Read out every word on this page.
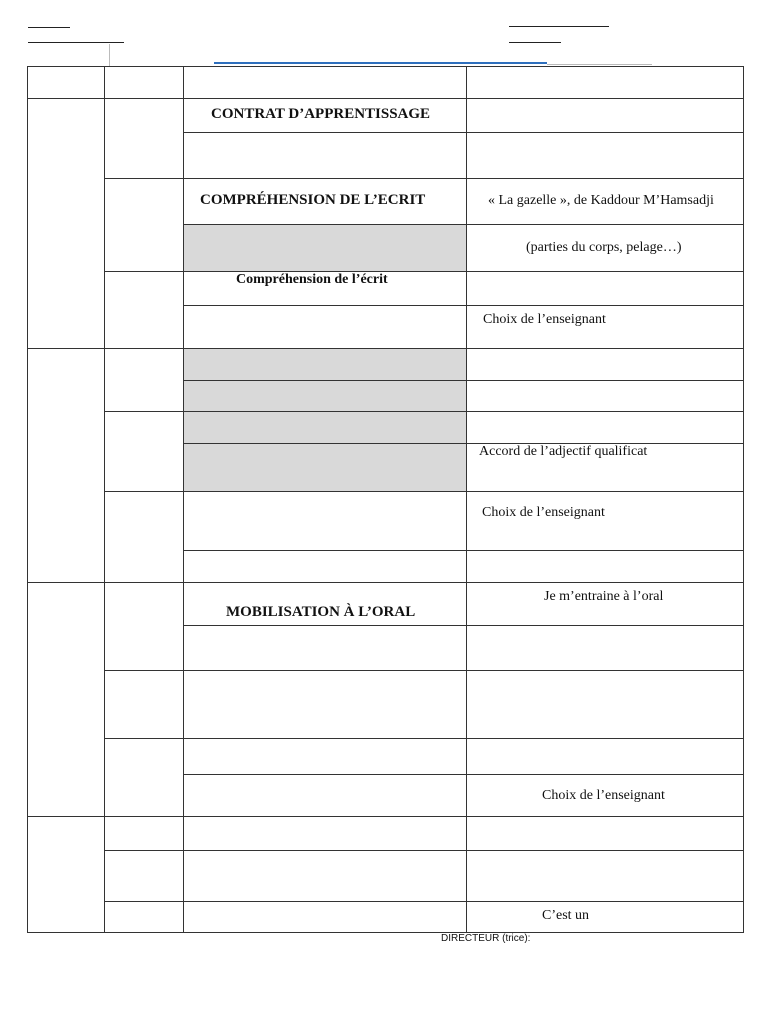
CONTRAT D’APPRENTISSAGE
COMPRÉHENSION DE L’ECRIT	« La gazelle », de Kaddour M’Hamsadji
(parties du corps, pelage…)
Compréhension de l’écrit
Choix de l’enseignant
Accord de l’adjectif qualificat
Choix de l’enseignant
Je m’entraine à l’oral
MOBILISATION À L’ORAL
Choix de l’enseignant
C’est un
DIRECTEUR (trice):
